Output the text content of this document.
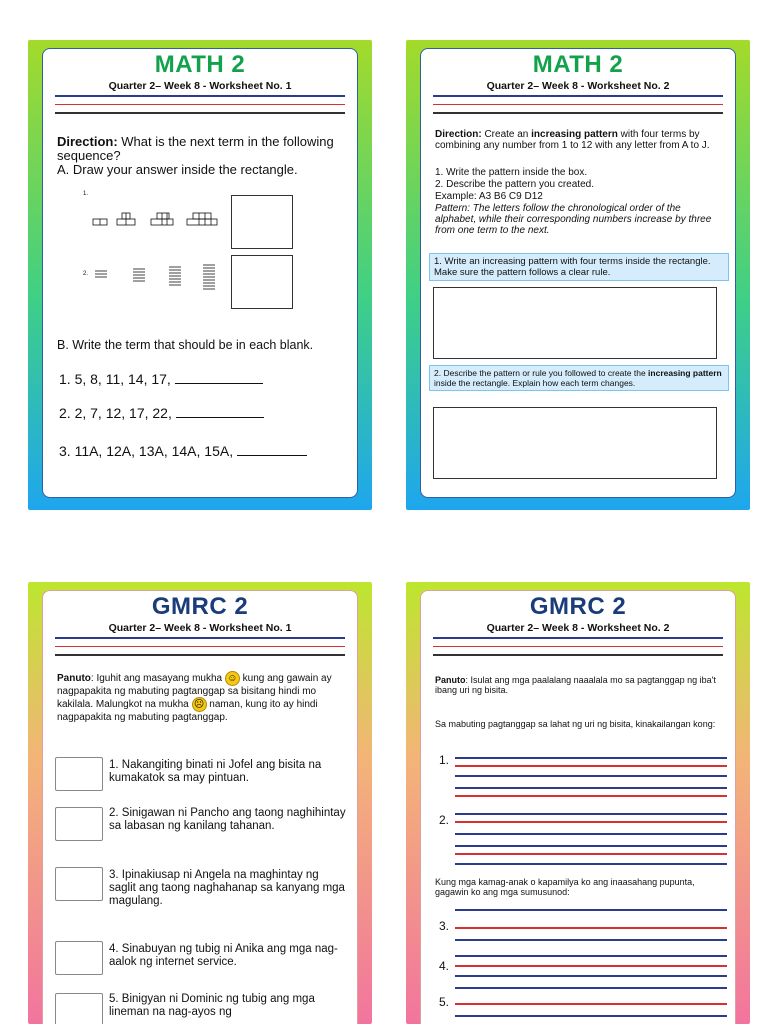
MATH 2
Quarter 2– Week 8 - Worksheet No. 1
Direction: What is the next term in the following sequence?
A. Draw your answer inside the rectangle.
1.
2.
B. Write the term that should be in each blank.
1. 5, 8, 11, 14, 17,
2. 2, 7, 12, 17, 22,
3. 11A, 12A, 13A, 14A, 15A,
MATH 2
Quarter 2– Week 8 - Worksheet No. 2
Direction: Create an increasing pattern with four terms by combining any number from 1 to 12 with any letter from A to J.
1. Write the pattern inside the box.
2. Describe the pattern you created.
Example: A3 B6 C9 D12
Pattern: The letters follow the chronological order of the alphabet, while their corresponding numbers increase by three from one term to the next.
1. Write an increasing pattern with four terms inside the rectangle. Make sure the pattern follows a clear rule.
2. Describe the pattern or rule you followed to create the increasing pattern inside the rectangle. Explain how each term changes.
GMRC 2
Quarter 2– Week 8 - Worksheet No. 1
Panuto: Iguhit ang masayang mukha ☺ kung ang gawain ay nagpapakita ng mabuting pagtanggap sa bisitang hindi mo kakilala. Malungkot na mukha ☹ naman, kung ito ay hindi nagpapakita ng mabuting pagtanggap.
1. Nakangiting binati ni Jofel ang bisita na kumakatok sa may pintuan.
2. Sinigawan ni Pancho ang taong naghihintay sa labasan ng kanilang tahanan.
3. Ipinakiusap ni Angela na maghintay ng saglit ang taong naghahanap sa kanyang mga magulang.
4. Sinabuyan ng tubig ni Anika ang mga nag-aalok ng internet service.
5. Binigyan ni Dominic ng tubig ang mga lineman na nag-ayos ng
GMRC 2
Quarter 2– Week 8 - Worksheet No. 2
Panuto: Isulat ang mga paalalang naaalala mo sa pagtanggap ng iba't ibang uri ng bisita.
Sa mabuting pagtanggap sa lahat ng uri ng bisita, kinakailangan kong:
1.
2.
Kung mga kamag-anak o kapamilya ko ang inaasahang pupunta, gagawin ko ang mga sumusunod:
3.
4.
5.
